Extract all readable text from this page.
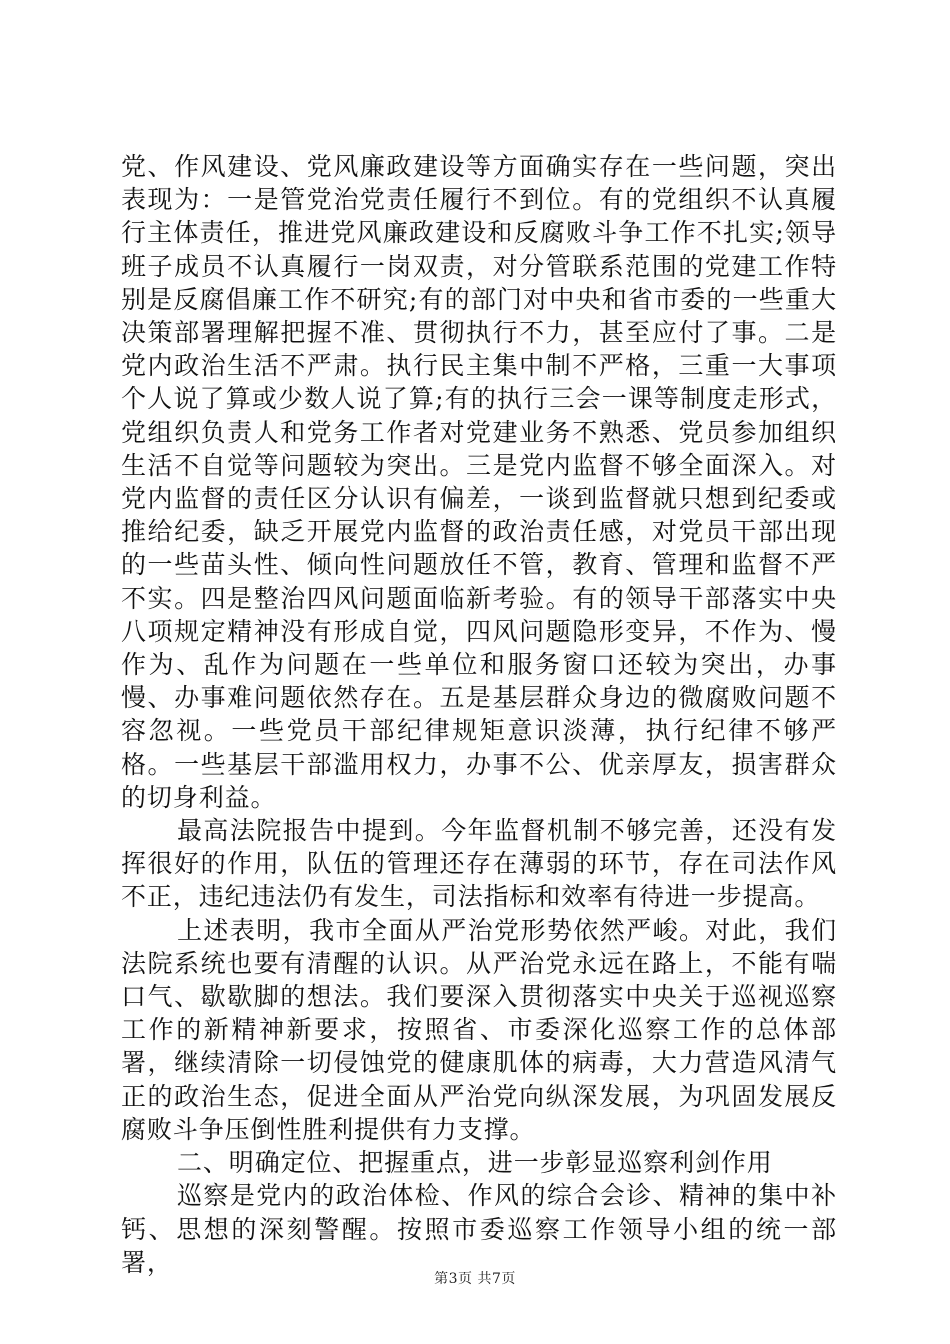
党、作风建设、党风廉政建设等方面确实存在一些问题，突出表现为：一是管党治党责任履行不到位。有的党组织不认真履行主体责任，推进党风廉政建设和反腐败斗争工作不扎实;领导班子成员不认真履行一岗双责，对分管联系范围的党建工作特别是反腐倡廉工作不研究;有的部门对中央和省市委的一些重大决策部署理解把握不准、贯彻执行不力，甚至应付了事。二是党内政治生活不严肃。执行民主集中制不严格，三重一大事项个人说了算或少数人说了算;有的执行三会一课等制度走形式，党组织负责人和党务工作者对党建业务不熟悉、党员参加组织生活不自觉等问题较为突出。三是党内监督不够全面深入。对党内监督的责任区分认识有偏差，一谈到监督就只想到纪委或推给纪委，缺乏开展党内监督的政治责任感，对党员干部出现的一些苗头性、倾向性问题放任不管，教育、管理和监督不严不实。四是整治四风问题面临新考验。有的领导干部落实中央八项规定精神没有形成自觉，四风问题隐形变异，不作为、慢作为、乱作为问题在一些单位和服务窗口还较为突出，办事慢、办事难问题依然存在。五是基层群众身边的微腐败问题不容忽视。一些党员干部纪律规矩意识淡薄，执行纪律不够严格。一些基层干部滥用权力，办事不公、优亲厚友，损害群众的切身利益。

最高法院报告中提到。今年监督机制不够完善，还没有发挥很好的作用，队伍的管理还存在薄弱的环节，存在司法作风不正，违纪违法仍有发生，司法指标和效率有待进一步提高。

上述表明，我市全面从严治党形势依然严峻。对此，我们法院系统也要有清醒的认识。从严治党永远在路上，不能有喘口气、歇歇脚的想法。我们要深入贯彻落实中央关于巡视巡察工作的新精神新要求，按照省、市委深化巡察工作的总体部署，继续清除一切侵蚀党的健康肌体的病毒，大力营造风清气正的政治生态，促进全面从严治党向纵深发展，为巩固发展反腐败斗争压倒性胜利提供有力支撑。

二、明确定位、把握重点，进一步彰显巡察利剑作用

巡察是党内的政治体检、作风的综合会诊、精神的集中补钙、思想的深刻警醒。按照市委巡察工作领导小组的统一部署，

第3页 共7页
